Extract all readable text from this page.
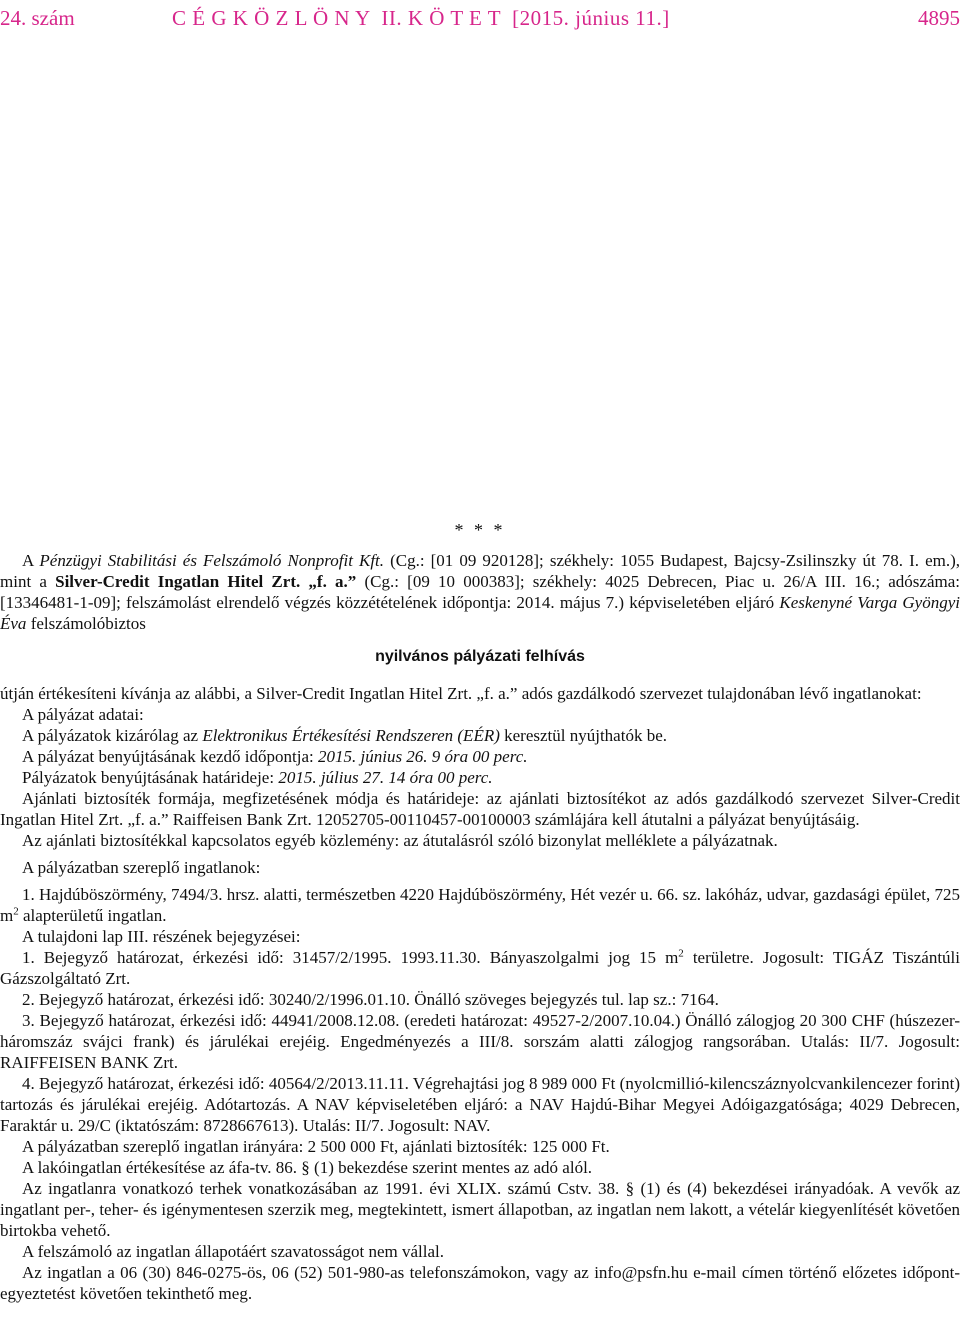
24. szám	C É G K Ö Z L Ö N Y  II. K Ö T E T  [2015. június 11.]	4895
* * *

A Pénzügyi Stabilitási és Felszámoló Nonprofit Kft. (Cg.: [01 09 920128]; székhely: 1055 Budapest, Bajcsy-Zsilinszky út 78. I. em.), mint a Silver-Credit Ingatlan Hitel Zrt. „f. a.” (Cg.: [09 10 000383]; székhely: 4025 Debrecen, Piac u. 26/A III. 16.; adószáma: [13346481-1-09]; felszámolást elrendelő végzés közzétételének időpontja: 2014. május 7.) képviseletében eljáró Keskenyné Varga Gyöngyi Éva felszámolóbiztos

nyilvános pályázati felhívás

útján értékesíteni kívánja az alábbi, a Silver-Credit Ingatlan Hitel Zrt. „f. a.” adós gazdálkodó szervezet tulajdonában lévő ingatlanokat:

A pályázat adatai:

A pályázatok kizárólag az Elektronikus Értékesítési Rendszeren (EÉR) keresztül nyújthatók be.

A pályázat benyújtásának kezdő időpontja: 2015. június 26. 9 óra 00 perc.

Pályázatok benyújtásának határideje: 2015. július 27. 14 óra 00 perc.

Ajánlati biztosíték formája, megfizetésének módja és határideje: az ajánlati biztosítékot az adós gazdálkodó szervezet Silver-Credit Ingatlan Hitel Zrt. „f. a.” Raiffeisen Bank Zrt. 12052705-00110457-00100003 számlájára kell átutalni a pályázat benyújtásáig.

Az ajánlati biztosítékkal kapcsolatos egyéb közlemény: az átutalásról szóló bizonylat melléklete a pályázatnak.

A pályázatban szereplő ingatlanok:

1. Hajdúböszörmény, 7494/3. hrsz. alatti, természetben 4220 Hajdúböszörmény, Hét vezér u. 66. sz. lakóház, udvar, gazdasági épület, 725 $m^2$ alapterületű ingatlan.

A tulajdoni lap III. részének bejegyzései:

1. Bejegyző határozat, érkezési idő: 31457/2/1995. 1993.11.30. Bányaszolgalmi jog 15 $m^2$ területre. Jogosult: TIGÁZ Tiszántúli Gázszolgáltató Zrt.

2. Bejegyző határozat, érkezési idő: 30240/2/1996.01.10. Önálló szöveges bejegyzés tul. lap sz.: 7164.

3. Bejegyző határozat, érkezési idő: 44941/2008.12.08. (eredeti határozat: 49527-2/2007.10.04.) Önálló zálogjog 20 300 CHF (húszezer-háromszáz svájci frank) és járulékai erejéig. Engedményezés a III/8. sorszám alatti zálogjog rangsorában. Utalás: II/7. Jogosult: RAIFFEISEN BANK Zrt.

4. Bejegyző határozat, érkezési idő: 40564/2/2013.11.11. Végrehajtási jog 8 989 000 Ft (nyolcmillió-kilencszáznyolcvankilencezer forint) tartozás és járulékai erejéig. Adótartozás. A NAV képviseletében eljáró: a NAV Hajdú-Bihar Megyei Adóigazgatósága; 4029 Debrecen, Faraktár u. 29/C (iktatószám: 8728667613). Utalás: II/7. Jogosult: NAV.

A pályázatban szereplő ingatlan irányára: 2 500 000 Ft, ajánlati biztosíték: 125 000 Ft.

A lakóingatlan értékesítése az áfa-tv. 86. § (1) bekezdése szerint mentes az adó alól.

Az ingatlanra vonatkozó terhek vonatkozásában az 1991. évi XLIX. számú Cstv. 38. § (1) és (4) bekezdései irányadóak. A vevők az ingatlant per-, teher- és igénymentesen szerzik meg, megtekintett, ismert állapotban, az ingatlan nem lakott, a vételár kiegyenlítését követően birtokba vehető.

A felszámoló az ingatlan állapotáért szavatosságot nem vállal.

Az ingatlan a 06 (30) 846-0275-ös, 06 (52) 501-980-as telefonszámokon, vagy az info@psfn.hu e-mail címen történő előzetes időpont-egyeztetést követően tekinthető meg.
